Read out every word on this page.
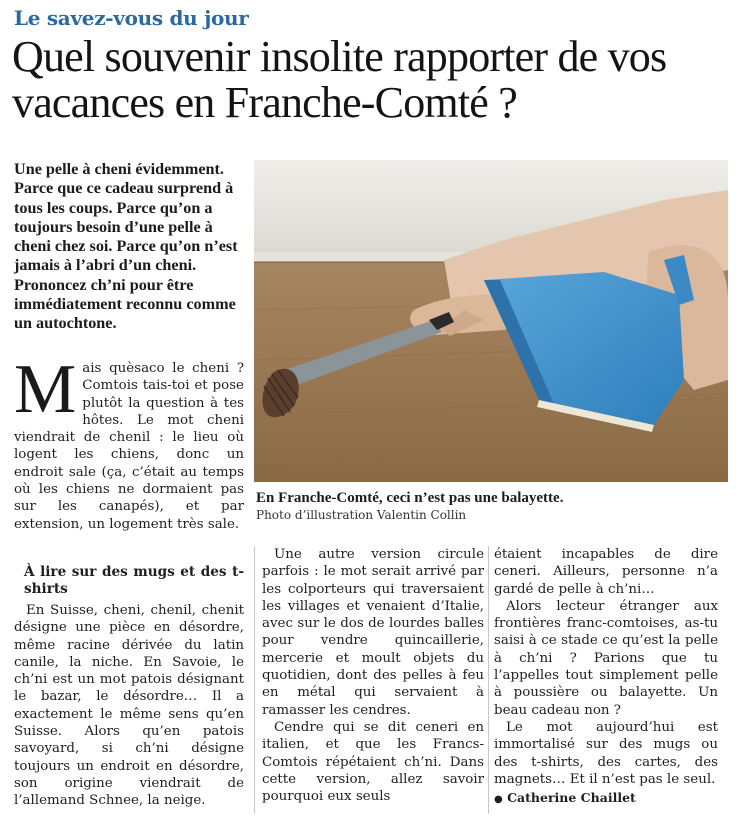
Le savez-vous du jour
Quel souvenir insolite rapporter de vos vacances en Franche-Comté ?
Une pelle à cheni évidemment. Parce que ce cadeau surprend à tous les coups. Parce qu’on a toujours besoin d’une pelle à cheni chez soi. Parce qu’on n’est jamais à l’abri d’un cheni. Prononcez ch’ni pour être immédiatement reconnu comme un autochtone.
En Franche-Comté, ceci n’est pas une balayette.
Photo d’illustration Valentin Collin
M ais quèsaco le cheni ? Comtois tais-toi et pose plutôt la question à tes hôtes. Le mot cheni viendrait de chenil : le lieu où logent les chiens, donc un endroit sale (ça, c’était au temps où les chiens ne dormaient pas sur les canapés), et par extension, un logement très sale.
À lire sur des mugs et des t-shirts

En Suisse, cheni, chenil, chenit désigne une pièce en désordre, même racine dérivée du latin canile, la niche. En Savoie, le ch’ni est un mot patois désignant le bazar, le désordre… Il a exactement le même sens qu’en Suisse. Alors qu’en patois savoyard, si ch’ni désigne toujours un endroit en désordre, son origine viendrait de l’allemand Schnee, la neige.

Une autre version circule parfois : le mot serait arrivé par les colporteurs qui traversaient les villages et venaient d’Italie, avec sur le dos de lourdes balles pour vendre quincaillerie, mercerie et moult objets du quotidien, dont des pelles à feu en métal qui servaient à ramasser les cendres.

Cendre qui se dit ceneri en italien, et que les Francs-Comtois répétaient ch’ni. Dans cette version, allez savoir pourquoi eux seuls

étaient incapables de dire ceneri. Ailleurs, personne n’a gardé de pelle à ch’ni…

Alors lecteur étranger aux frontières franc-comtoises, as-tu saisi à ce stade ce qu’est la pelle à ch’ni ? Parions que tu l’appelles tout simplement pelle à poussière ou balayette. Un beau cadeau non ?

Le mot aujourd’hui est immortalisé sur des mugs ou des t-shirts, des cartes, des magnets… Et il n’est pas le seul.

● Catherine Chaillet
